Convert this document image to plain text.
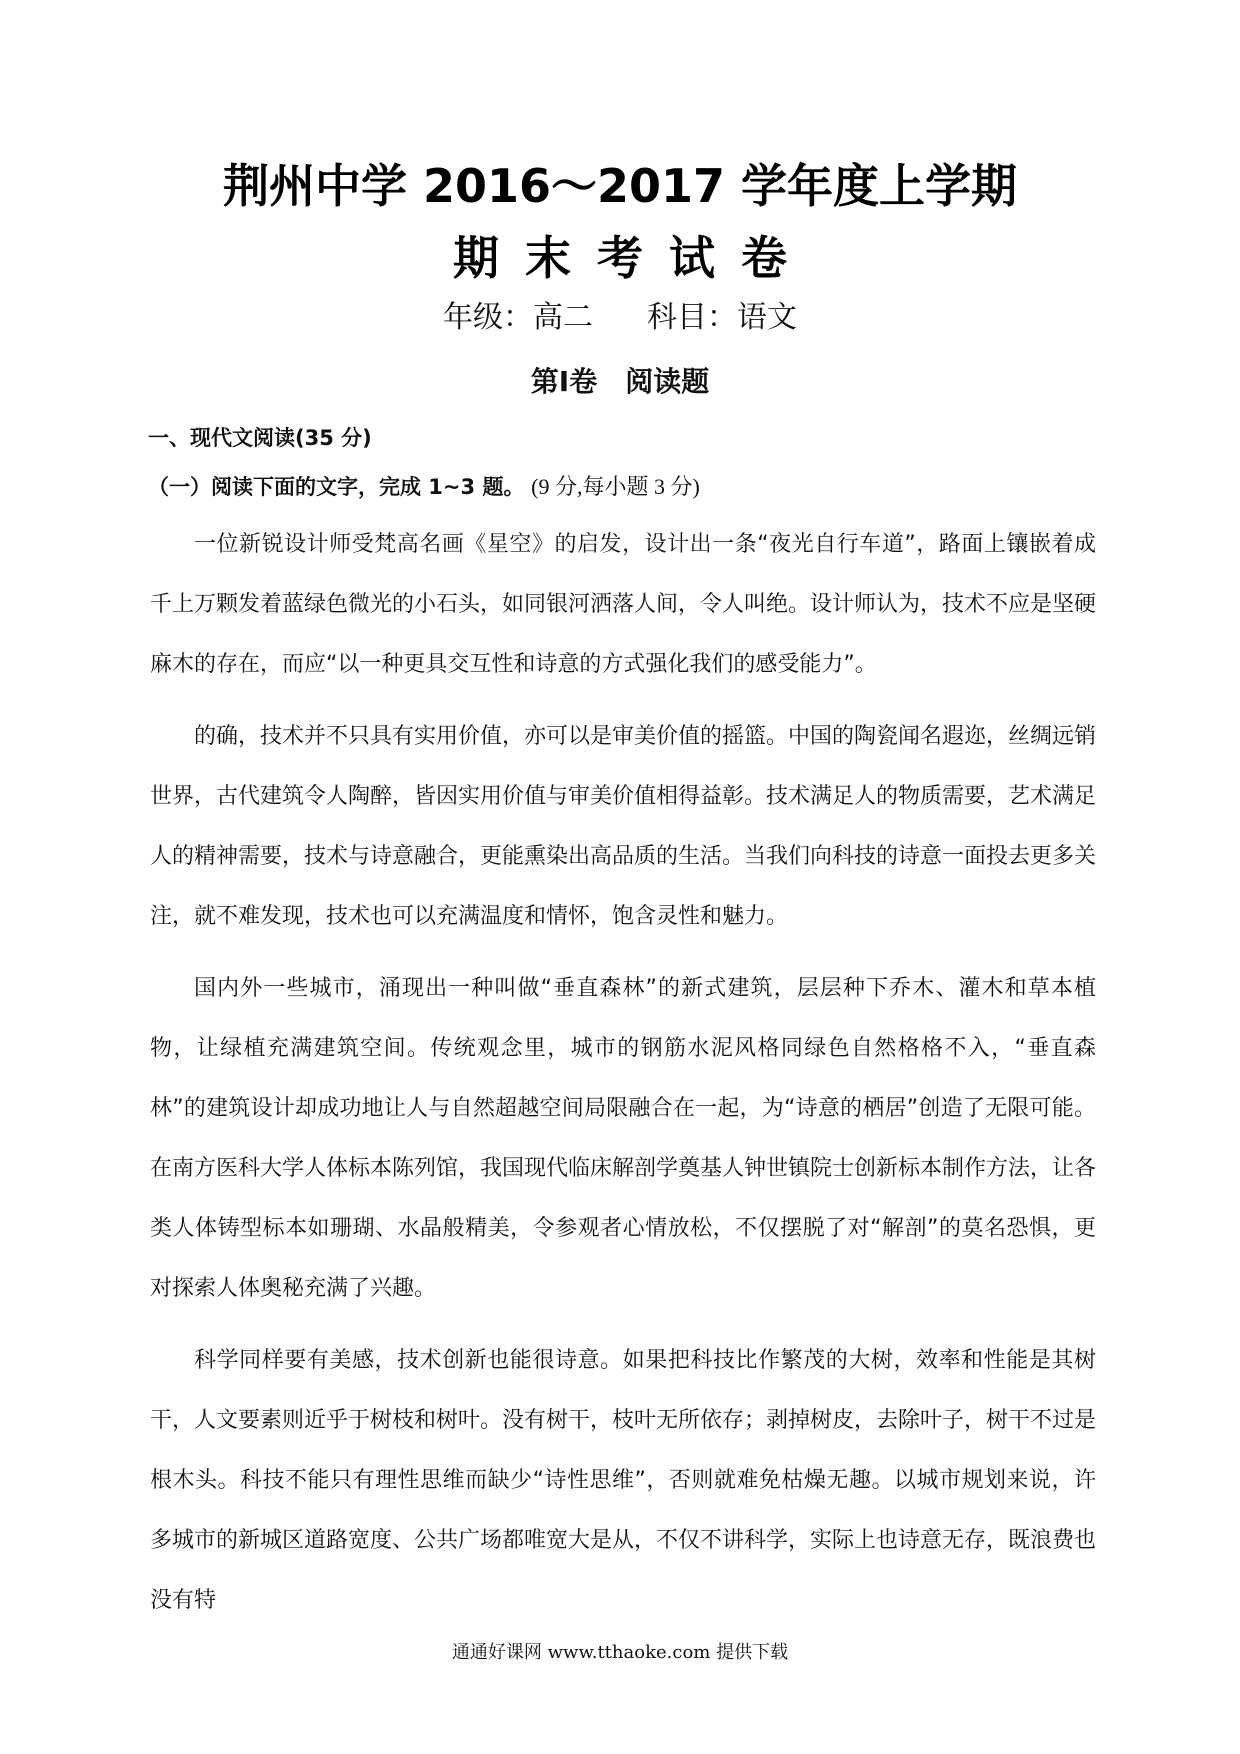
荆州中学 2016～2017 学年度上学期
期末考试卷
年级：高二 科目：语文
第Ⅰ卷　阅读题
一、现代文阅读(35 分)
（一）阅读下面的文字，完成 1~3 题。 (9 分,每小题 3 分)

一位新锐设计师受梵高名画《星空》的启发，设计出一条“夜光自行车道”，路面上镶嵌着成千上万颗发着蓝绿色微光的小石头，如同银河洒落人间，令人叫绝。设计师认为，技术不应是坚硬麻木的存在，而应“以一种更具交互性和诗意的方式强化我们的感受能力”。

的确，技术并不只具有实用价值，亦可以是审美价值的摇篮。中国的陶瓷闻名遐迩，丝绸远销世界，古代建筑令人陶醉，皆因实用价值与审美价值相得益彰。技术满足人的物质需要，艺术满足人的精神需要，技术与诗意融合，更能熏染出高品质的生活。当我们向科技的诗意一面投去更多关注，就不难发现，技术也可以充满温度和情怀，饱含灵性和魅力。

国内外一些城市，涌现出一种叫做“垂直森林”的新式建筑，层层种下乔木、灌木和草本植物，让绿植充满建筑空间。传统观念里，城市的钢筋水泥风格同绿色自然格格不入，“垂直森林”的建筑设计却成功地让人与自然超越空间局限融合在一起，为“诗意的栖居”创造了无限可能。在南方医科大学人体标本陈列馆，我国现代临床解剖学奠基人钟世镇院士创新标本制作方法，让各类人体铸型标本如珊瑚、水晶般精美，令参观者心情放松，不仅摆脱了对“解剖”的莫名恐惧，更对探索人体奥秘充满了兴趣。

科学同样要有美感，技术创新也能很诗意。如果把科技比作繁茂的大树，效率和性能是其树干，人文要素则近乎于树枝和树叶。没有树干，枝叶无所依存；剥掉树皮，去除叶子，树干不过是根木头。科技不能只有理性思维而缺少“诗性思维”，否则就难免枯燥无趣。以城市规划来说，许多城市的新城区道路宽度、公共广场都唯宽大是从，不仅不讲科学，实际上也诗意无存，既浪费也没有特

通通好课网 www.tthaoke.com 提供下载
